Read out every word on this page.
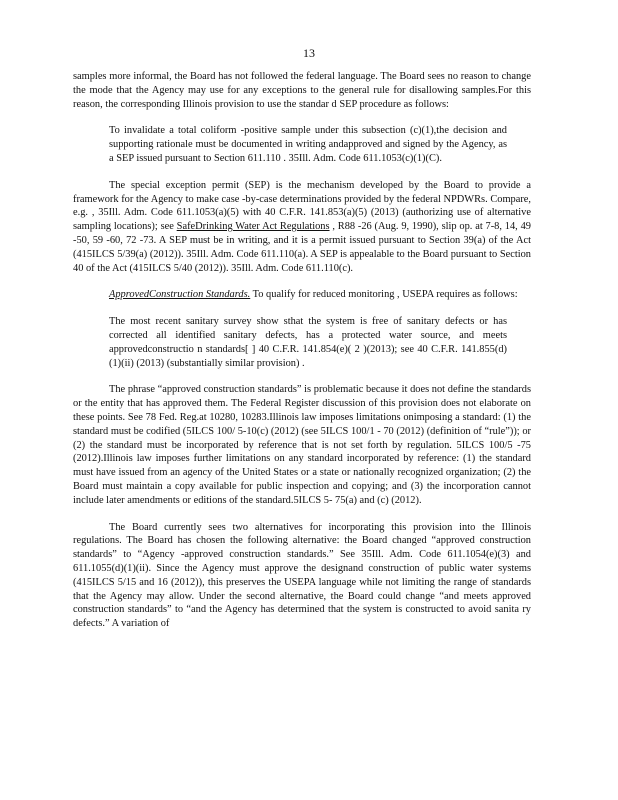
13

samples more informal, the Board has not followed the federal language. The Board sees no reason to change the mode that the Agency may use for any exceptions to the general rule for disallowing samples.For this reason, the corresponding Illinois provision to use the standar d SEP procedure as follows:

To invalidate a total coliform -positive sample under this subsection (c)(1),the decision and supporting rationale must be documented in writing andapproved and signed by the Agency, as a SEP issued pursuant to Section 611.110 . 35Ill. Adm. Code 611.1053(c)(1)(C).

The special exception permit (SEP) is the mechanism developed by the Board to provide a framework for the Agency to make case -by-case determinations provided by the federal NPDWRs. Compare, e.g. , 35Ill. Adm. Code 611.1053(a)(5) with 40 C.F.R. 141.853(a)(5) (2013) (authorizing use of alternative sampling locations); see SafeDrinking Water Act Regulations , R88 -26 (Aug. 9, 1990), slip op. at 7-8, 14, 49 -50, 59 -60, 72 -73. A SEP must be in writing, and it is a permit issued pursuant to Section 39(a) of the Act (415ILCS 5/39(a) (2012)). 35Ill. Adm. Code 611.110(a). A SEP is appealable to the Board pursuant to Section 40 of the Act (415ILCS 5/40 (2012)). 35Ill. Adm. Code 611.110(c).

ApprovedConstruction Standards. To qualify for reduced monitoring , USEPA requires as follows:

The most recent sanitary survey show sthat the system is free of sanitary defects or has corrected all identified sanitary defects, has a protected water source, and meets approvedconstructio n standards[ ] 40 C.F.R. 141.854(e)( 2 )(2013); see 40 C.F.R. 141.855(d)(1)(ii) (2013) (substantially similar provision) .

The phrase “approved construction standards” is problematic because it does not define the standards or the entity that has approved them. The Federal Register discussion of this provision does not elaborate on these points. See 78 Fed. Reg.at 10280, 10283.Illinois law imposes limitations onimposing a standard: (1) the standard must be codified (5ILCS 100/ 5-10(c) (2012) (see 5ILCS 100/1 - 70 (2012) (definition of “rule”)); or (2) the standard must be incorporated by reference that is not set forth by regulation. 5ILCS 100/5 -75 (2012).Illinois law imposes further limitations on any standard incorporated by reference: (1) the standard must have issued from an agency of the United States or a state or nationally recognized organization; (2) the Board must maintain a copy available for public inspection and copying; and (3) the incorporation cannot include later amendments or editions of the standard.5ILCS 5- 75(a) and (c) (2012).

The Board currently sees two alternatives for incorporating this provision into the Illinois regulations. The Board has chosen the following alternative: the Board changed “approved construction standards” to “Agency -approved construction standards.” See 35Ill. Adm. Code 611.1054(e)(3) and 611.1055(d)(1)(ii). Since the Agency must approve the designand construction of public water systems (415ILCS 5/15 and 16 (2012)), this preserves the USEPA language while not limiting the range of standards that the Agency may allow. Under the second alternative, the Board could change “and meets approved construction standards” to “and the Agency has determined that the system is constructed to avoid sanita ry defects.” A variation of
